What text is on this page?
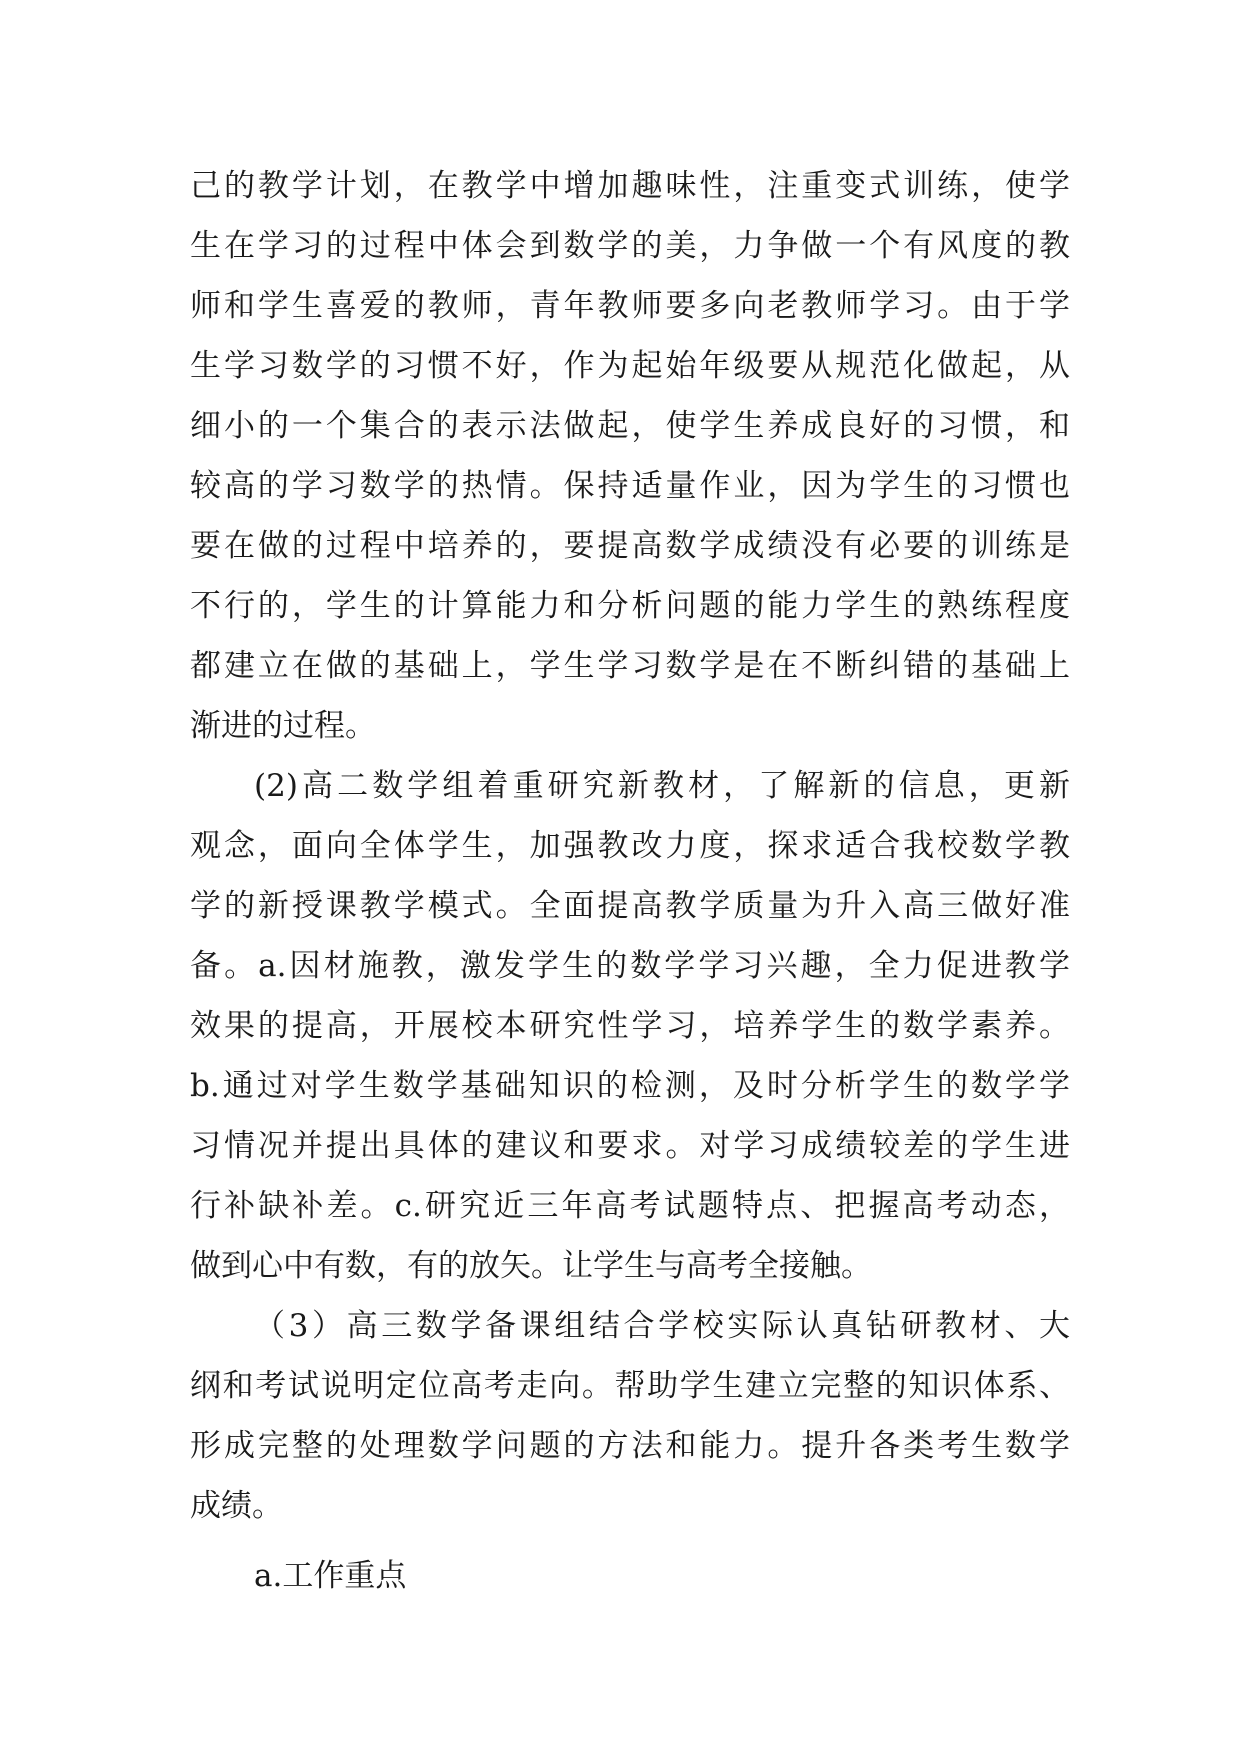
己的教学计划，在教学中增加趣味性，注重变式训练，使学
生在学习的过程中体会到数学的美，力争做一个有风度的教
师和学生喜爱的教师，青年教师要多向老教师学习。由于学
生学习数学的习惯不好，作为起始年级要从规范化做起，从
细小的一个集合的表示法做起，使学生养成良好的习惯，和
较高的学习数学的热情。保持适量作业，因为学生的习惯也
要在做的过程中培养的，要提高数学成绩没有必要的训练是
不行的，学生的计算能力和分析问题的能力学生的熟练程度
都建立在做的基础上，学生学习数学是在不断纠错的基础上
渐进的过程。
(2)高二数学组着重研究新教材，了解新的信息，更新
观念，面向全体学生，加强教改力度，探求适合我校数学教
学的新授课教学模式。全面提高教学质量为升入高三做好准
备。a.因材施教，激发学生的数学学习兴趣，全力促进教学
效果的提高，开展校本研究性学习，培养学生的数学素养。
b.通过对学生数学基础知识的检测，及时分析学生的数学学
习情况并提出具体的建议和要求。对学习成绩较差的学生进
行补缺补差。c.研究近三年高考试题特点、把握高考动态，
做到心中有数，有的放矢。让学生与高考全接触。
（3）高三数学备课组结合学校实际认真钻研教材、大
纲和考试说明定位高考走向。帮助学生建立完整的知识体系、
形成完整的处理数学问题的方法和能力。提升各类考生数学
成绩。
a.工作重点
